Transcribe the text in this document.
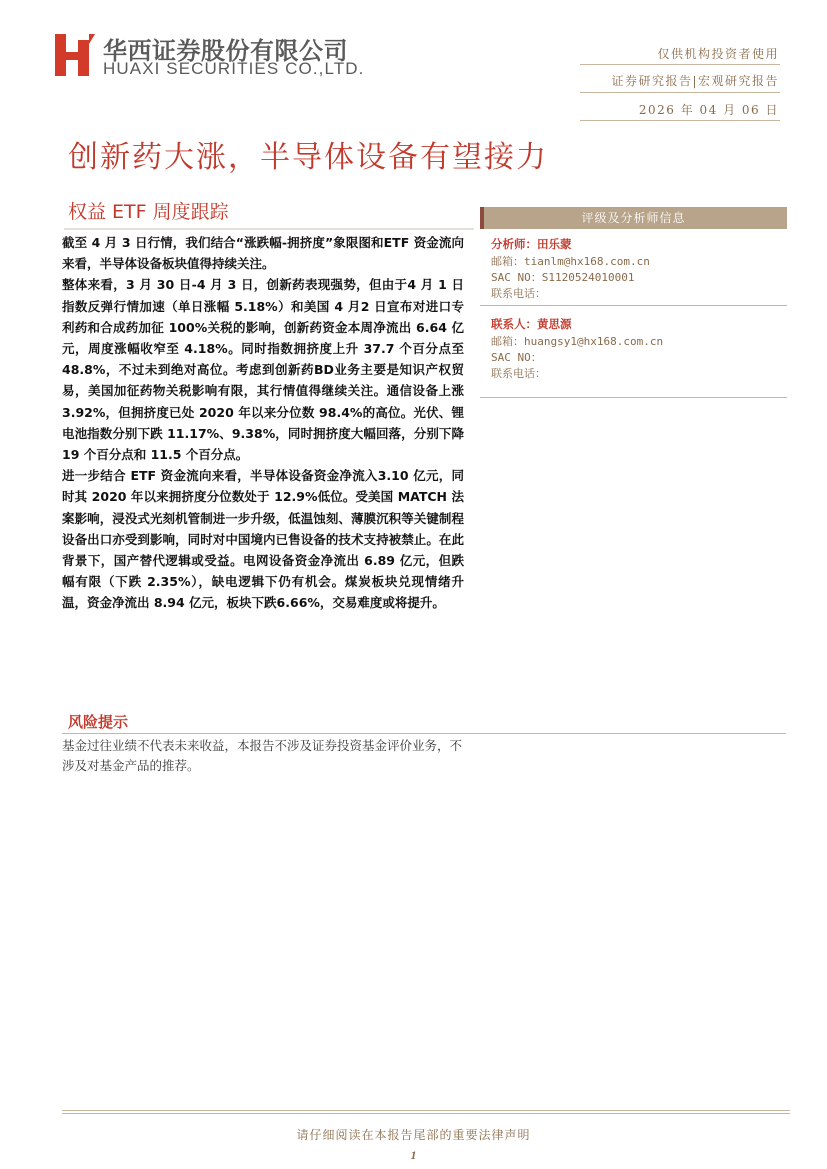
华西证券股份有限公司
HUAXI SECURITIES CO.,LTD.
仅供机构投资者使用
证券研究报告|宏观研究报告
2026 年 04 月 06 日
创新药大涨，半导体设备有望接力
权益 ETF 周度跟踪

截至 4 月 3 日行情，我们结合“涨跌幅-拥挤度”象限图和ETF 资金流向来看，半导体设备板块值得持续关注。

整体来看，3 月 30 日-4 月 3 日，创新药表现强势，但由于4 月 1 日指数反弹行情加速（单日涨幅 5.18%）和美国 4 月2 日宣布对进口专利药和合成药加征 100%关税的影响，创新药资金本周净流出 6.64 亿元，周度涨幅收窄至 4.18%。同时指数拥挤度上升 37.7 个百分点至 48.8%，不过未到绝对高位。考虑到创新药BD业务主要是知识产权贸易，美国加征药物关税影响有限，其行情值得继续关注。通信设备上涨 3.92%，但拥挤度已处 2020 年以来分位数 98.4%的高位。光伏、锂电池指数分别下跌 11.17%、9.38%，同时拥挤度大幅回落，分别下降 19 个百分点和 11.5 个百分点。

进一步结合 ETF 资金流向来看，半导体设备资金净流入3.10 亿元，同时其 2020 年以来拥挤度分位数处于 12.9%低位。受美国 MATCH 法案影响，浸没式光刻机管制进一步升级，低温蚀刻、薄膜沉积等关键制程设备出口亦受到影响，同时对中国境内已售设备的技术支持被禁止。在此背景下，国产替代逻辑或受益。电网设备资金净流出 6.89 亿元，但跌幅有限（下跌 2.35%），缺电逻辑下仍有机会。煤炭板块兑现情绪升温，资金净流出 8.94 亿元，板块下跌6.66%，交易难度或将提升。

风险提示
基金过往业绩不代表未来收益，本报告不涉及证券投资基金评价业务，不涉及对基金产品的推荐。
评级及分析师信息
分析师：田乐蒙
邮箱：tianlm@hx168.com.cn
SAC NO：S1120524010001
联系电话：
联系人：黄思源
邮箱：huangsy1@hx168.com.cn
SAC NO：
联系电话：
请仔细阅读在本报告尾部的重要法律声明
1
